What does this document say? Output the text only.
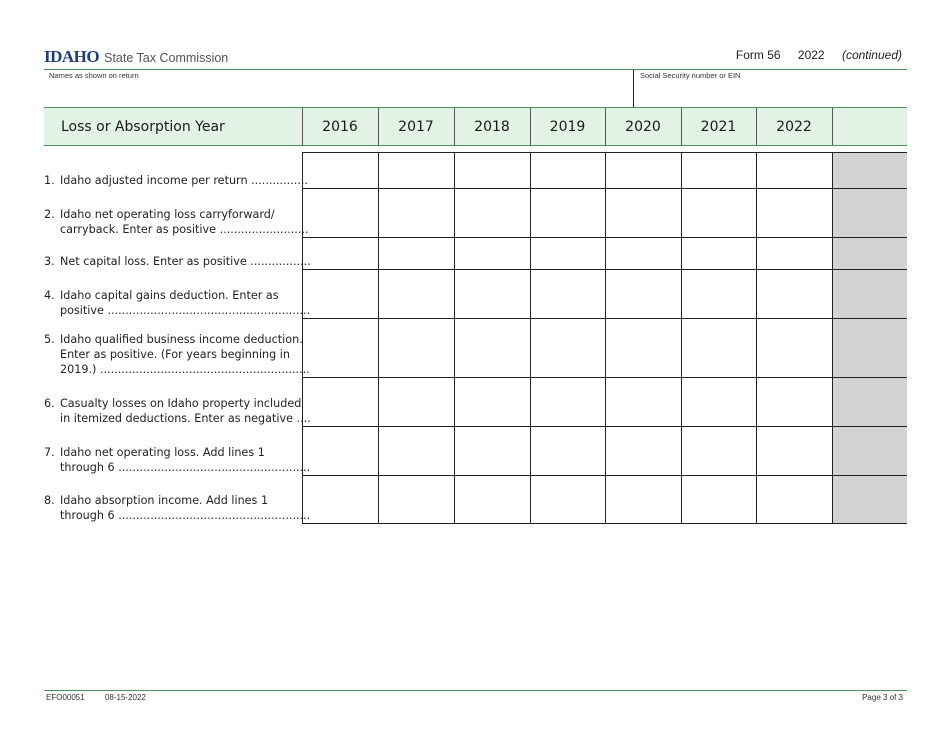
IDAHO State Tax Commission	Form 56 2022 (continued)
Names as shown on return	Social Security number or EIN
Loss or Absorption Year	2016	2017	2018	2019	2020	2021	2022	

1. Idaho adjusted income per return ................								

2. Idaho net operating loss carryforward/
carryback. Enter as positive .........................								

3. Net capital loss. Enter as positive .................								

4. Idaho capital gains deduction. Enter as
positive .........................................................								

5. Idaho qualified business income deduction.
Enter as positive. (For years beginning in
2019.) ...........................................................								

6. Casualty losses on Idaho property included
in itemized deductions. Enter as negative ....								

7. Idaho net operating loss. Add lines 1
through 6 ......................................................								

8. Idaho absorption income. Add lines 1
through 6 ......................................................								

EFO00051	08-15-2022	Page 3 of 3
